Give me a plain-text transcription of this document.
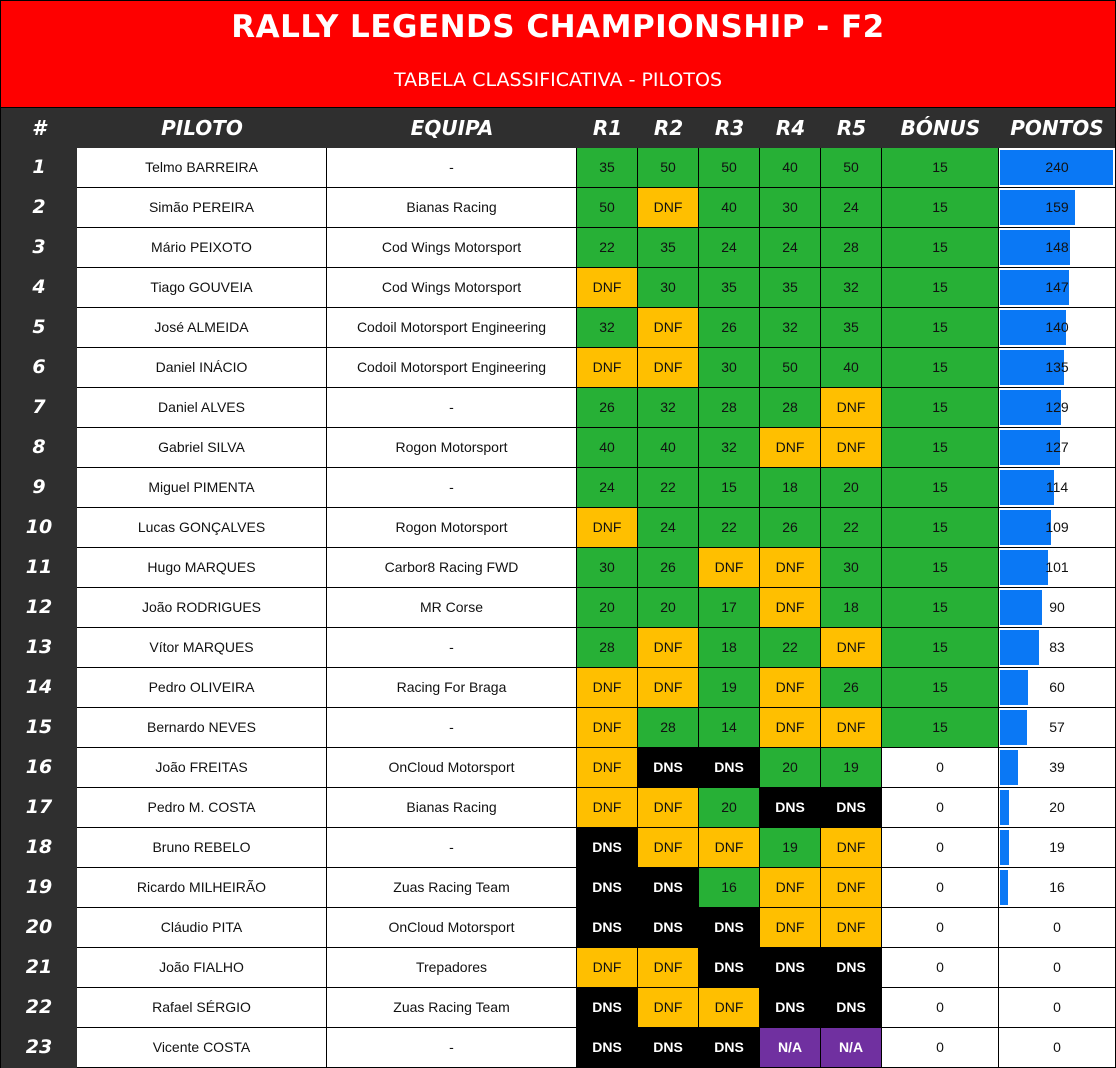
RALLY LEGENDS CHAMPIONSHIP - F2
TABELA CLASSIFICATIVA - PILOTOS
#	PILOTO	EQUIPA	R1	R2	R3	R4	R5	BÓNUS	PONTOS
1	Telmo BARREIRA	-	35	50	50	40	50	15	240
2	Simão PEREIRA	Bianas Racing	50	DNF	40	30	24	15	159
3	Mário PEIXOTO	Cod Wings Motorsport	22	35	24	24	28	15	148
4	Tiago GOUVEIA	Cod Wings Motorsport	DNF	30	35	35	32	15	147
5	José ALMEIDA	Codoil Motorsport Engineering	32	DNF	26	32	35	15	140
6	Daniel INÁCIO	Codoil Motorsport Engineering	DNF	DNF	30	50	40	15	135
7	Daniel ALVES	-	26	32	28	28	DNF	15	129
8	Gabriel SILVA	Rogon Motorsport	40	40	32	DNF	DNF	15	127
9	Miguel PIMENTA	-	24	22	15	18	20	15	114
10	Lucas GONÇALVES	Rogon Motorsport	DNF	24	22	26	22	15	109
11	Hugo MARQUES	Carbor8 Racing FWD	30	26	DNF	DNF	30	15	101
12	João RODRIGUES	MR Corse	20	20	17	DNF	18	15	90
13	Vítor MARQUES	-	28	DNF	18	22	DNF	15	83
14	Pedro OLIVEIRA	Racing For Braga	DNF	DNF	19	DNF	26	15	60
15	Bernardo NEVES	-	DNF	28	14	DNF	DNF	15	57
16	João FREITAS	OnCloud Motorsport	DNF	DNS	DNS	20	19	0	39
17	Pedro M. COSTA	Bianas Racing	DNF	DNF	20	DNS	DNS	0	20
18	Bruno REBELO	-	DNS	DNF	DNF	19	DNF	0	19
19	Ricardo MILHEIRÃO	Zuas Racing Team	DNS	DNS	16	DNF	DNF	0	16
20	Cláudio PITA	OnCloud Motorsport	DNS	DNS	DNS	DNF	DNF	0	0
21	João FIALHO	Trepadores	DNF	DNF	DNS	DNS	DNS	0	0
22	Rafael SÉRGIO	Zuas Racing Team	DNS	DNF	DNF	DNS	DNS	0	0
23	Vicente COSTA	-	DNS	DNS	DNS	N/A	N/A	0	0
